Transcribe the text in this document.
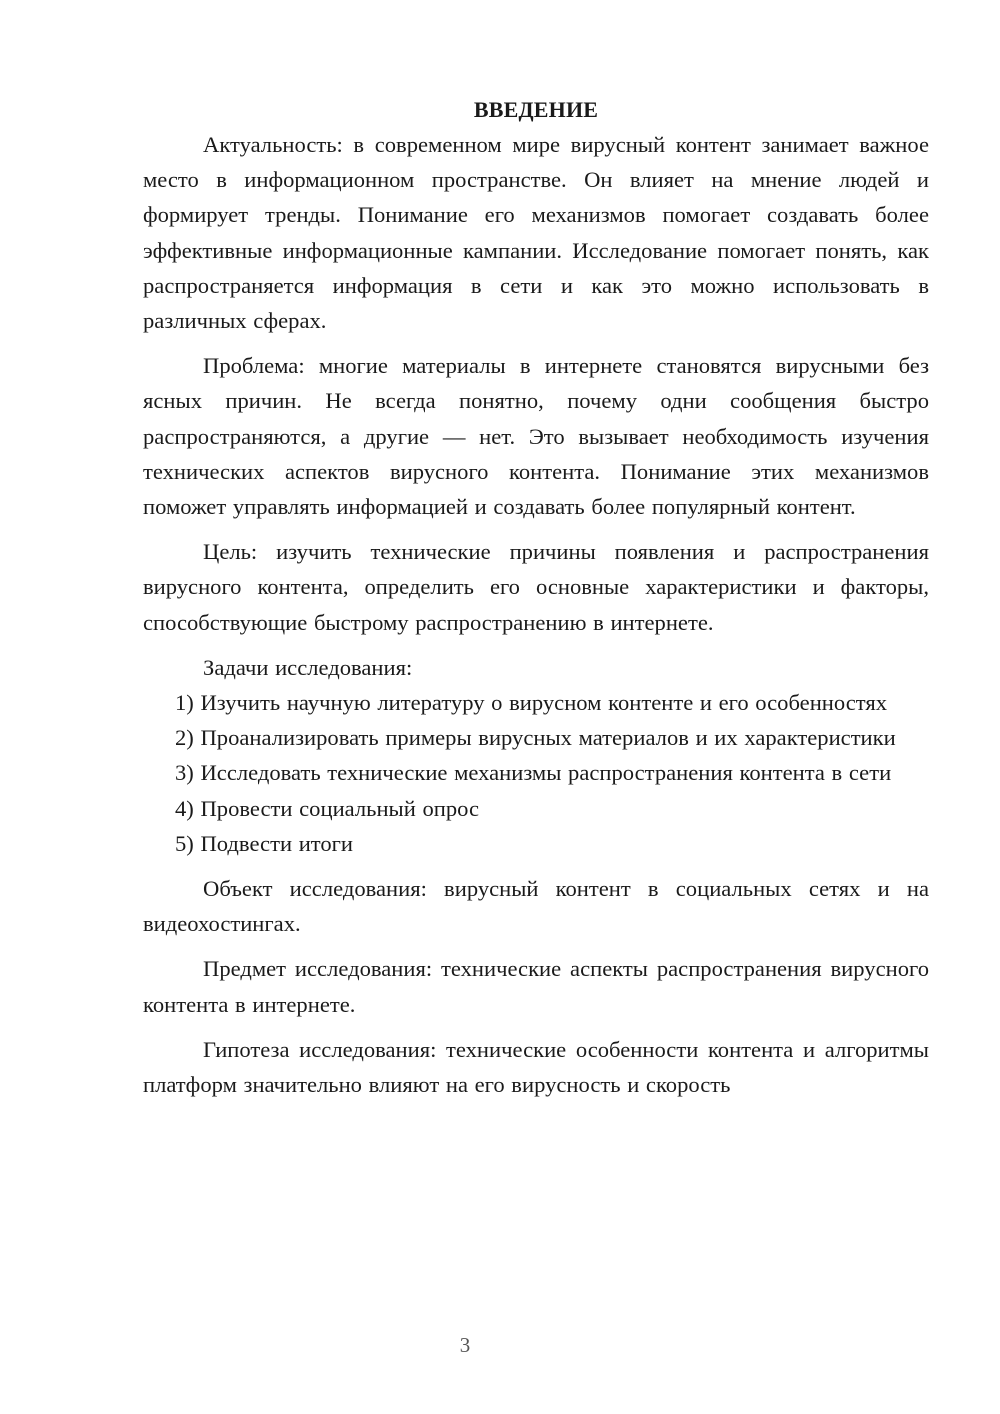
ВВЕДЕНИЕ

Актуальность: в современном мире вирусный контент занимает важное место в информационном пространстве. Он влияет на мнение людей и формирует тренды. Понимание его механизмов помогает создавать более эффективные информационные кампании. Исследование помогает понять, как распространяется информация в сети и как это можно использовать в различных сферах.

Проблема: многие материалы в интернете становятся вирусными без ясных причин. Не всегда понятно, почему одни сообщения быстро распространяются, а другие — нет. Это вызывает необходимость изучения технических аспектов вирусного контента. Понимание этих механизмов поможет управлять информацией и создавать более популярный контент.

Цель: изучить технические причины появления и распространения вирусного контента, определить его основные характеристики и факторы, способствующие быстрому распространению в интернете.

Задачи исследования:

1) Изучить научную литературу о вирусном контенте и его особенностях

2) Проанализировать примеры вирусных материалов и их характеристики

3) Исследовать технические механизмы распространения контента в сети

4) Провести социальный опрос

5) Подвести итоги

Объект исследования: вирусный контент в социальных сетях и на видеохостингах.

Предмет исследования: технические аспекты распространения вирусного контента в интернете.

Гипотеза исследования: технические особенности контента и алгоритмы платформ значительно влияют на его вирусность и скорость

3
